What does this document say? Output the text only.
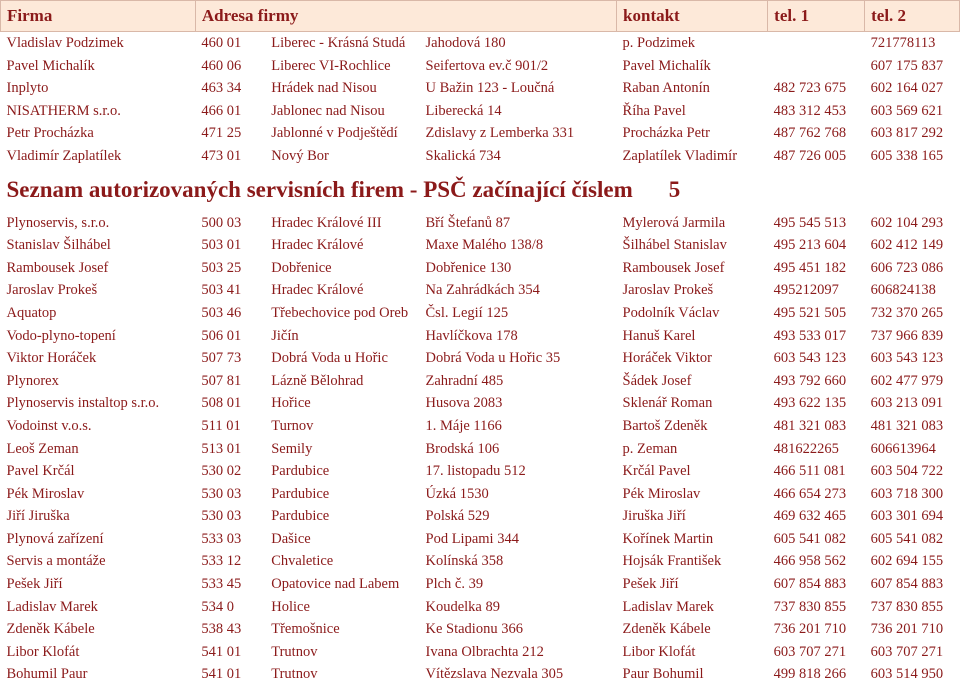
Firma	Adresa firmy			kontakt	tel. 1	tel. 2
Vladislav Podzimek	460 01	Liberec - Krásná Studá	Jahodová 180	p. Podzimek		721778113
Pavel Michalík	460 06	Liberec VI-Rochlice	Seifertova ev.č 901/2	Pavel Michalík		607 175 837
Inplyto	463 34	Hrádek nad Nisou	U Bažin 123 - Loučná	Raban Antonín	482 723 675	602 164 027
NISATHERM s.r.o.	466 01	Jablonec nad Nisou	Liberecká 14	Říha Pavel	483 312 453	603 569 621
Petr Procházka	471 25	Jablonné v Podještědí	Zdislavy z Lemberka 331	Procházka Petr	487 762 768	603 817 292
Vladimír Zaplatílek	473 01	Nový Bor	Skalická 734	Zaplatílek Vladimír	487 726 005	605 338 165
Seznam autorizovaných servisních firem - PSČ začínající číslem 5						
Plynoservis, s.r.o.	500 03	Hradec Králové III	Bří Štefanů 87	Mylerová Jarmila	495 545 513	602 104 293
Stanislav Šilhábel	503 01	Hradec Králové	Maxe Malého 138/8	Šilhábel Stanislav	495 213 604	602 412 149
Rambousek Josef	503 25	Dobřenice	Dobřenice 130	Rambousek Josef	495 451 182	606 723 086
Jaroslav Prokeš	503 41	Hradec Králové	Na Zahrádkách 354	Jaroslav Prokeš	495212097	606824138
Aquatop	503 46	Třebechovice pod Oreb	Čsl. Legií 125	Podolník Václav	495 521 505	732 370 265
Vodo-plyno-topení	506 01	Jičín	Havlíčkova 178	Hanuš Karel	493 533 017	737 966 839
Viktor Horáček	507 73	Dobrá Voda u Hořic	Dobrá Voda u Hořic 35	Horáček Viktor	603 543 123	603 543 123
Plynorex	507 81	Lázně Bělohrad	Zahradní 485	Šádek Josef	493 792 660	602 477 979
Plynoservis instaltop s.r.o.	508 01	Hořice	Husova 2083	Sklenář Roman	493 622 135	603 213 091
Vodoinst v.o.s.	511 01	Turnov	1. Máje 1166	Bartoš Zdeněk	481 321 083	481 321 083
Leoš Zeman	513 01	Semily	Brodská 106	p. Zeman	481622265	606613964
Pavel Krčál	530 02	Pardubice	17. listopadu 512	Krčál Pavel	466 511 081	603 504 722
Pék Miroslav	530 03	Pardubice	Úzká 1530	Pék Miroslav	466 654 273	603 718 300
Jiří Jiruška	530 03	Pardubice	Polská 529	Jiruška Jiří	469 632 465	603 301 694
Plynová zařízení	533 03	Dašice	Pod Lipami 344	Kořínek Martin	605 541 082	605 541 082
Servis a montáže	533 12	Chvaletice	Kolínská 358	Hojsák František	466 958 562	602 694 155
Pešek Jiří	533 45	Opatovice nad Labem	Plch č. 39	Pešek Jiří	607 854 883	607 854 883
Ladislav Marek	534 0	Holice	Koudelka 89	Ladislav Marek	737 830 855	737 830 855
Zdeněk Kábele	538 43	Třemošnice	Ke Stadionu 366	Zdeněk Kábele	736 201 710	736 201 710
Libor Klofát	541 01	Trutnov	Ivana Olbrachta 212	Libor Klofát	603 707 271	603 707 271
Bohumil Paur	541 01	Trutnov	Vítězslava Nezvala 305	Paur Bohumil	499 818 266	603 514 950
